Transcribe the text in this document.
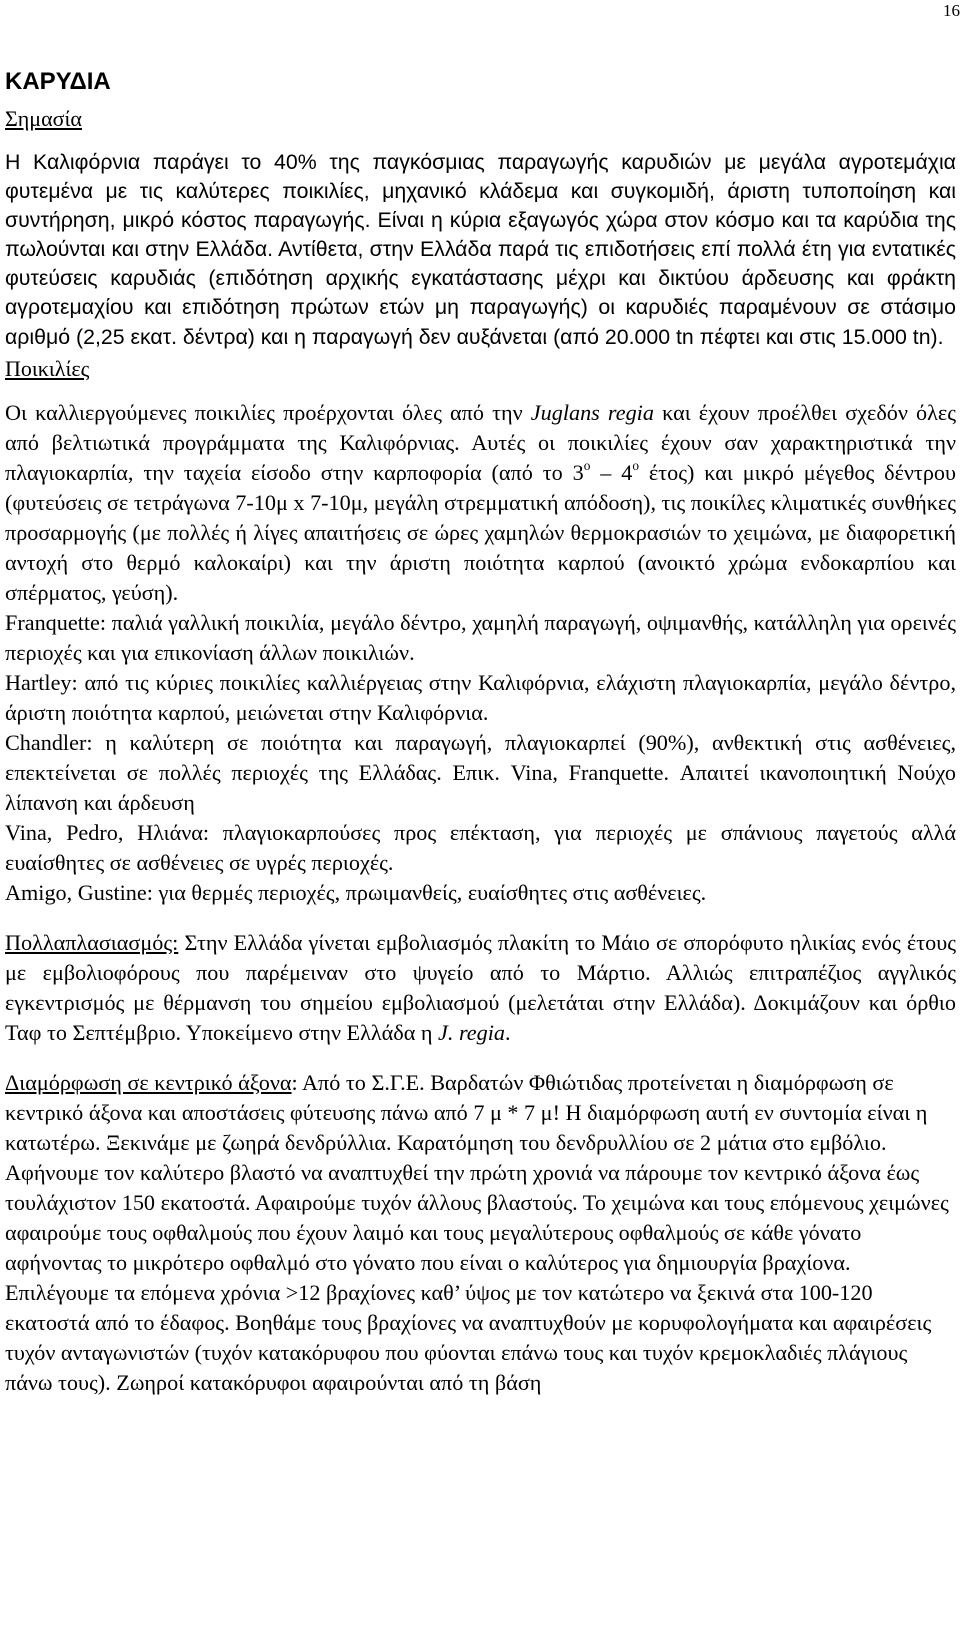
16
ΚΑΡΥΔΙΑ
Σημασία

Η Καλιφόρνια παράγει το 40% της παγκόσμιας παραγωγής καρυδιών με μεγάλα αγροτεμάχια φυτεμένα με τις καλύτερες ποικιλίες, μηχανικό κλάδεμα και συγκομιδή, άριστη τυποποίηση και συντήρηση, μικρό κόστος παραγωγής. Είναι η κύρια εξαγωγός χώρα στον κόσμο και τα καρύδια της πωλούνται και στην Ελλάδα. Αντίθετα, στην Ελλάδα παρά τις επιδοτήσεις επί πολλά έτη για εντατικές φυτεύσεις καρυδιάς (επιδότηση αρχικής εγκατάστασης μέχρι και δικτύου άρδευσης και φράκτη αγροτεμαχίου και επιδότηση πρώτων ετών μη παραγωγής) οι καρυδιές παραμένουν σε στάσιμο αριθμό (2,25 εκατ. δέντρα) και η παραγωγή δεν αυξάνεται (από 20.000 tn πέφτει και στις 15.000 tn).

Ποικιλίες

Οι καλλιεργούμενες ποικιλίες προέρχονται όλες από την Juglans regia και έχουν προέλθει σχεδόν όλες από βελτιωτικά προγράμματα της Καλιφόρνιας. Αυτές οι ποικιλίες έχουν σαν χαρακτηριστικά την πλαγιοκαρπία, την ταχεία είσοδο στην καρποφορία (από το $3^o - 4^o$ έτος) και μικρό μέγεθος δέντρου (φυτεύσεις σε τετράγωνα 7-10μ x 7-10μ, μεγάλη στρεμματική απόδοση), τις ποικίλες κλιματικές συνθήκες προσαρμογής (με πολλές ή λίγες απαιτήσεις σε ώρες χαμηλών θερμοκρασιών το χειμώνα, με διαφορετική αντοχή στο θερμό καλοκαίρι) και την άριστη ποιότητα καρπού (ανοικτό χρώμα ενδοκαρπίου και σπέρματος, γεύση).

Franquette: παλιά γαλλική ποικιλία, μεγάλο δέντρο, χαμηλή παραγωγή, οψιμανθής, κατάλληλη για ορεινές περιοχές και για επικονίαση άλλων ποικιλιών.

Hartley: από τις κύριες ποικιλίες καλλιέργειας στην Καλιφόρνια, ελάχιστη πλαγιοκαρπία, μεγάλο δέντρο, άριστη ποιότητα καρπού, μειώνεται στην Καλιφόρνια.

Chandler: η καλύτερη σε ποιότητα και παραγωγή, πλαγιοκαρπεί (90%), ανθεκτική στις ασθένειες, επεκτείνεται σε πολλές περιοχές της Ελλάδας. Επικ. Vina, Franquette. Απαιτεί ικανοποιητική Νούχο λίπανση και άρδευση

Vina, Pedro, Ηλιάνα: πλαγιοκαρπούσες προς επέκταση, για περιοχές με σπάνιους παγετούς αλλά ευαίσθητες σε ασθένειες σε υγρές περιοχές.

Amigo, Gustine: για θερμές περιοχές, πρωιμανθείς, ευαίσθητες στις ασθένειες.

Πολλαπλασιασμός: Στην Ελλάδα γίνεται εμβολιασμός πλακίτη το Μάιο σε σπορόφυτο ηλικίας ενός έτους με εμβολιοφόρους που παρέμειναν στο ψυγείο από το Μάρτιο. Αλλιώς επιτραπέζιος αγγλικός εγκεντρισμός με θέρμανση του σημείου εμβολιασμού (μελετάται στην Ελλάδα). Δοκιμάζουν και όρθιο Ταφ το Σεπτέμβριο. Υποκείμενο στην Ελλάδα η J. regia.

Διαμόρφωση σε κεντρικό άξονα: Από το Σ.Γ.Ε. Βαρδατών Φθιώτιδας προτείνεται η διαμόρφωση σε κεντρικό άξονα και αποστάσεις φύτευσης πάνω από 7 μ * 7 μ! Η διαμόρφωση αυτή εν συντομία είναι η κατωτέρω. Ξεκινάμε με ζωηρά δενδρύλλια. Καρατόμηση του δενδρυλλίου σε 2 μάτια στο εμβόλιο. Αφήνουμε τον καλύτερο βλαστό να αναπτυχθεί την πρώτη χρονιά να πάρουμε τον κεντρικό άξονα έως τουλάχιστον 150 εκατοστά. Αφαιρούμε τυχόν άλλους βλαστούς. Το χειμώνα και τους επόμενους χειμώνες αφαιρούμε τους οφθαλμούς που έχουν λαιμό και τους μεγαλύτερους οφθαλμούς σε κάθε γόνατο αφήνοντας το μικρότερο οφθαλμό στο γόνατο που είναι ο καλύτερος για δημιουργία βραχίονα. Επιλέγουμε τα επόμενα χρόνια >12 βραχίονες καθ’ ύψος με τον κατώτερο να ξεκινά στα 100-120 εκατοστά από το έδαφος. Βοηθάμε τους βραχίονες να αναπτυχθούν με κορυφολογήματα και αφαιρέσεις τυχόν ανταγωνιστών (τυχόν κατακόρυφου που φύονται επάνω τους και τυχόν κρεμοκλαδιές πλάγιους πάνω τους). Ζωηροί κατακόρυφοι αφαιρούνται από τη βάση
